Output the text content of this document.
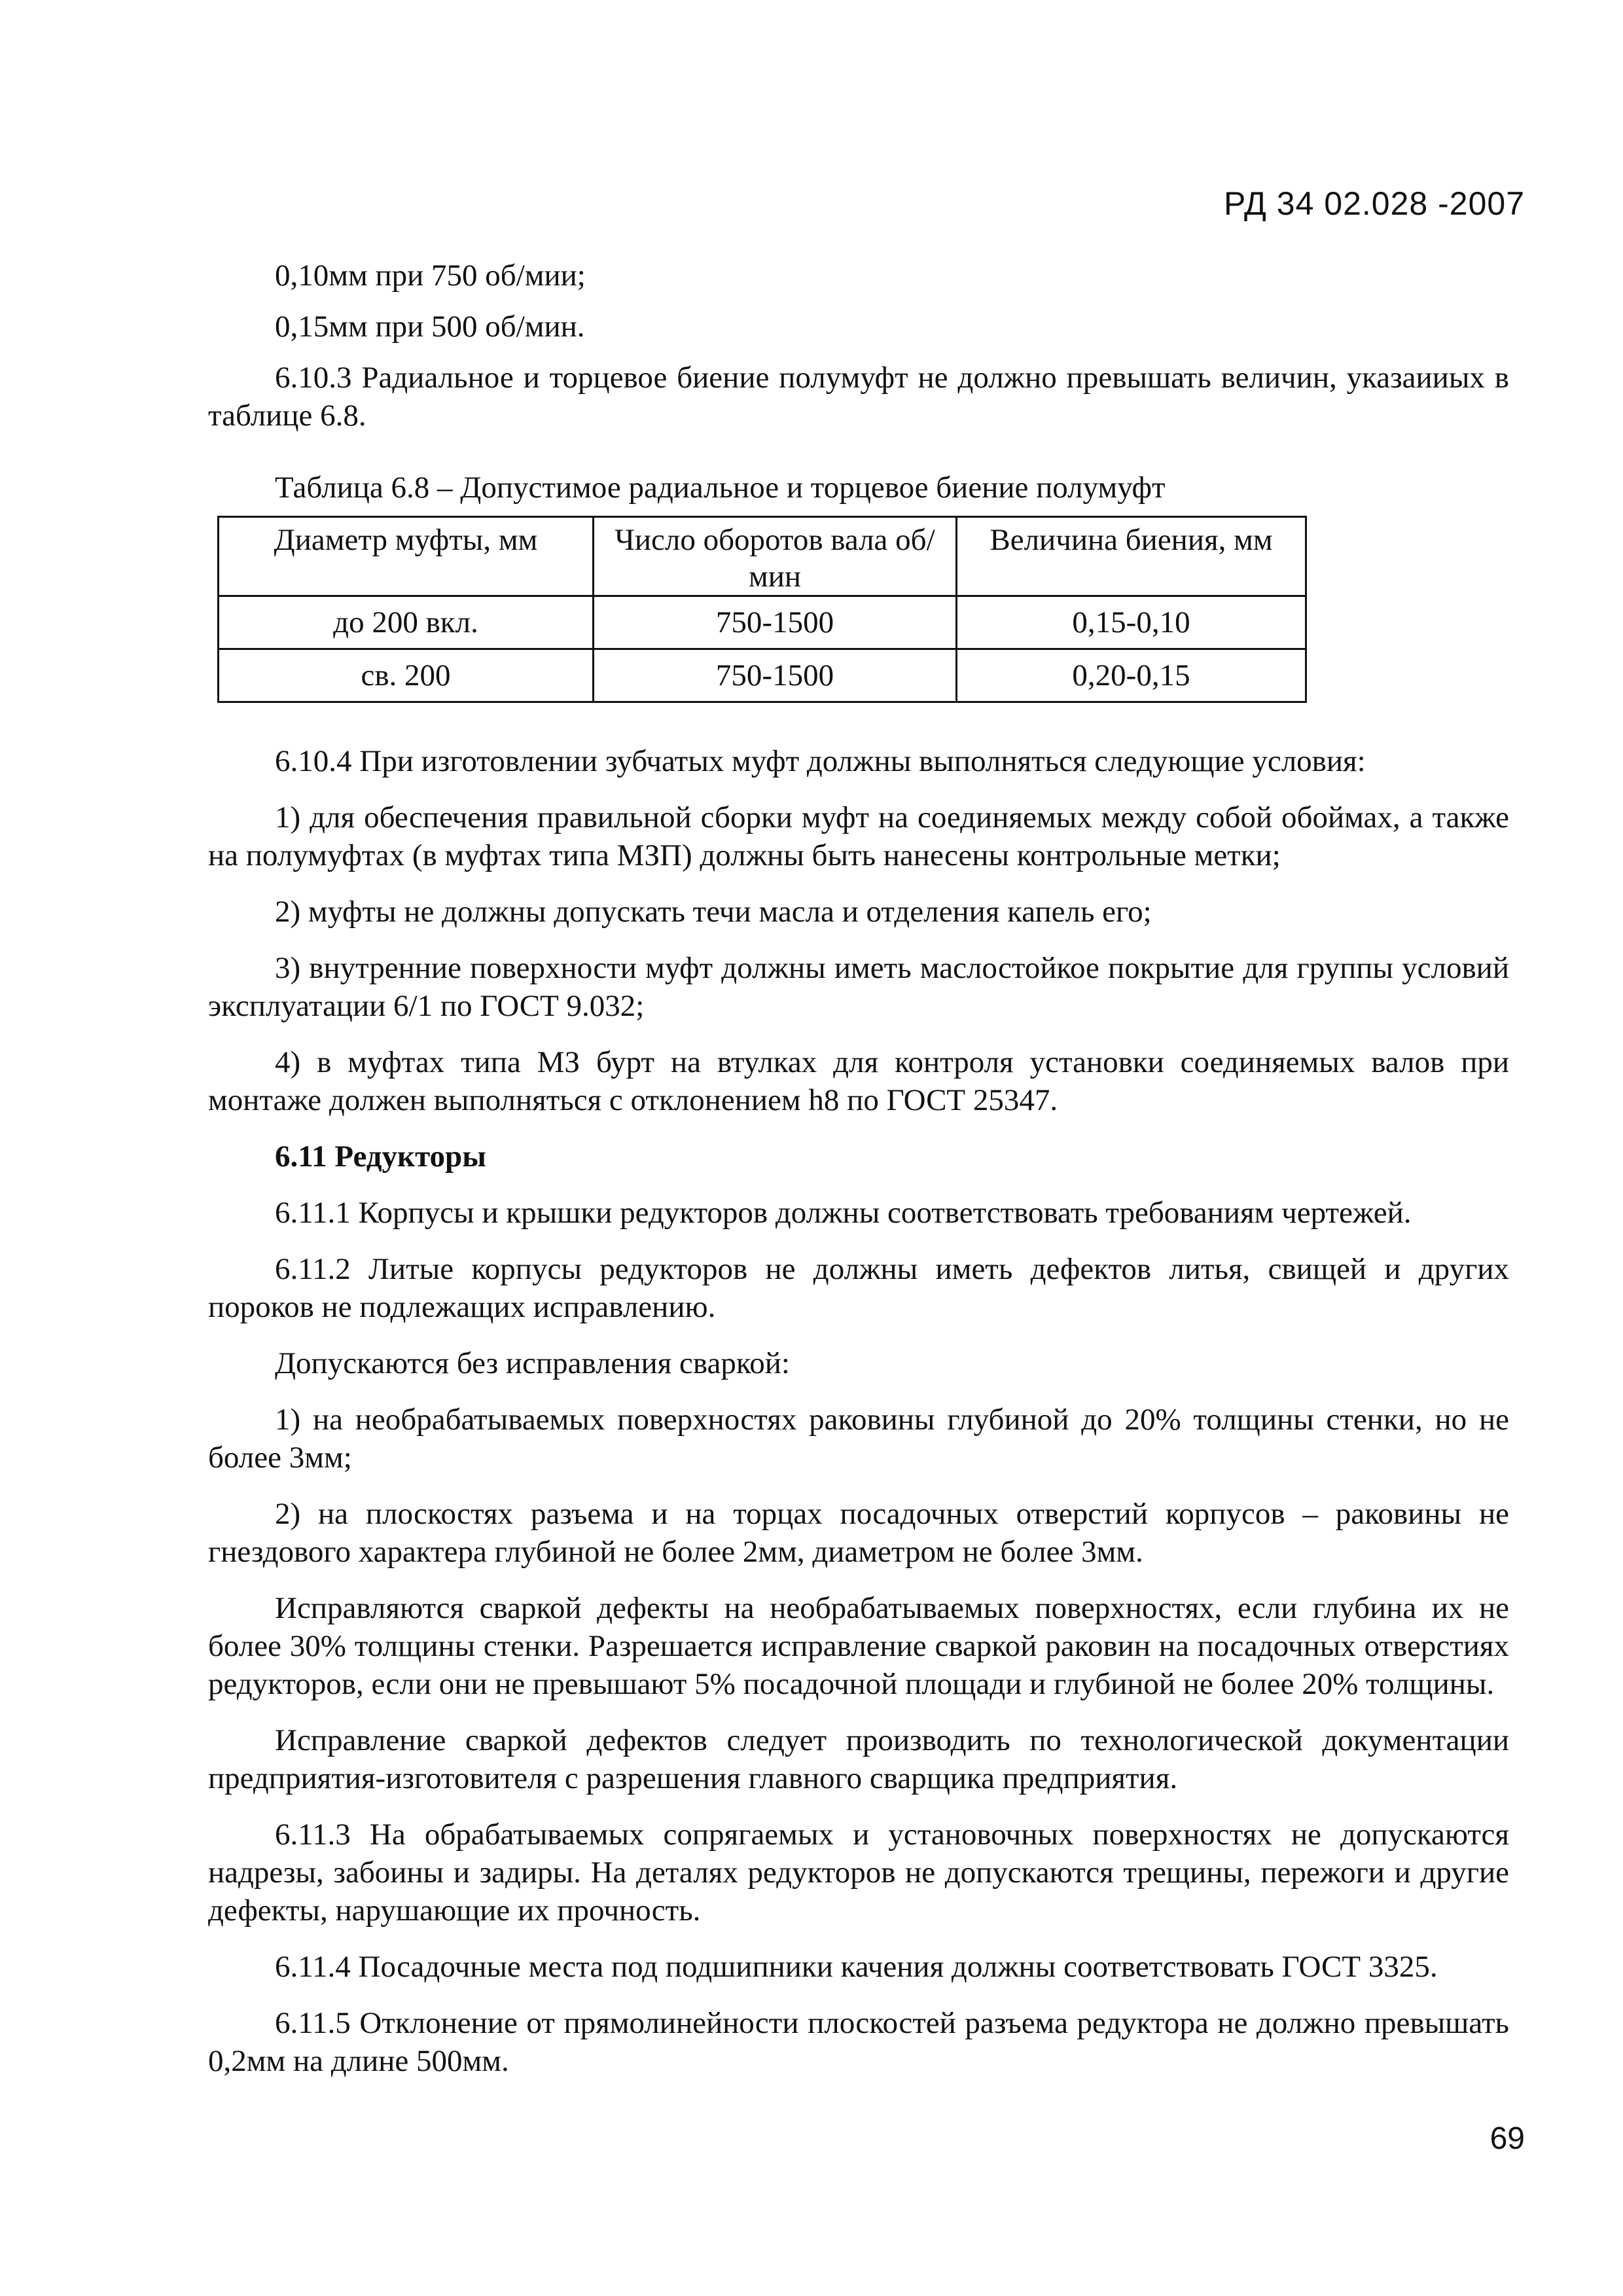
РД 34 02.028 -2007

0,10мм при 750 об/мии;

0,15мм при 500 об/мин.

6.10.3 Радиальное и торцевое биение полумуфт не должно превышать величин, указаииых в таблице 6.8.

Таблица 6.8 – Допустимое радиальное и торцевое биение полумуфт
Диаметр муфты, мм	Число оборотов вала об/мин	Величина биения, мм
до 200 вкл.	750-1500	0,15-0,10
св. 200	750-1500	0,20-0,15

6.10.4 При изготовлении зубчатых муфт должны выполняться следующие условия:

1) для обеспечения правильной сборки муфт на соединяемых между собой обоймах, а также на полумуфтах (в муфтах типа МЗП) должны быть нанесены контрольные метки;

2) муфты не должны допускать течи масла и отделения капель его;

3) внутренние поверхности муфт должны иметь маслостойкое покрытие для группы условий эксплуатации 6/1 по ГОСТ 9.032;

4) в муфтах типа МЗ бурт на втулках для контроля установки соединяемых валов при монтаже должен выполняться с отклонением h8 по ГОСТ 25347.

6.11 Редукторы

6.11.1 Корпусы и крышки редукторов должны соответствовать требованиям чертежей.

6.11.2 Литые корпусы редукторов не должны иметь дефектов литья, свищей и других пороков не подлежащих исправлению.

Допускаются без исправления сваркой:

1) на необрабатываемых поверхностях раковины глубиной до 20% толщины стенки, но не более 3мм;

2) на плоскостях разъема и на торцах посадочных отверстий корпусов – раковины не гнездового характера глубиной не более 2мм, диаметром не более 3мм.

Исправляются сваркой дефекты на необрабатываемых поверхностях, если глубина их не более 30% толщины стенки. Разрешается исправление сваркой раковин на посадочных отверстиях редукторов, если они не превышают 5% посадочной площади и глубиной не более 20% толщины.

Исправление сваркой дефектов следует производить по технологической документации предприятия-изготовителя с разрешения главного сварщика предприятия.

6.11.3 На обрабатываемых сопрягаемых и установочных поверхностях не допускаются надрезы, забоины и задиры. На деталях редукторов не допускаются трещины, пережоги и другие дефекты, нарушающие их прочность.

6.11.4 Посадочные места под подшипники качения должны соответствовать ГОСТ 3325.

6.11.5 Отклонение от прямолинейности плоскостей разъема редуктора не должно превышать 0,2мм на длине 500мм.

69
